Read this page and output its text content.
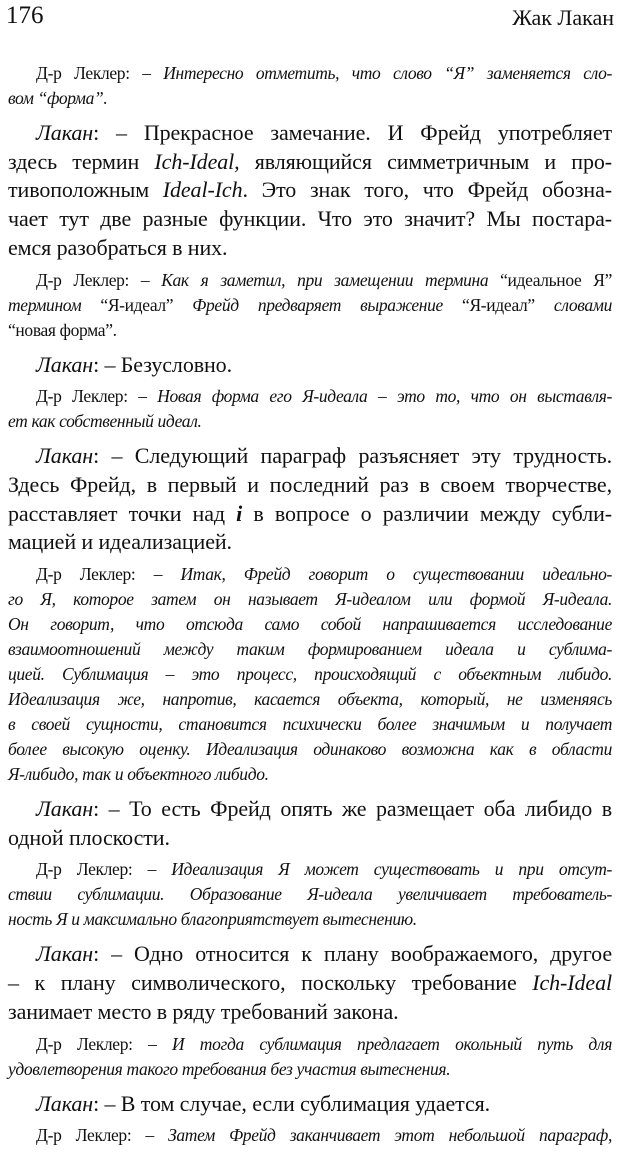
176	Жак Лакан
Д-р Леклер: – Интересно отметить, что слово “Я” заменяется сло-
вом “форма”.
Лакан: – Прекрасное замечание. И Фрейд употребляет
здесь термин Ich-Ideal, являющийся симметричным и про-
тивоположным Ideal-Ich. Это знак того, что Фрейд обозна-
чает тут две разные функции. Что это значит? Мы постара-
емся разобраться в них.
Д-р Леклер: – Как я заметил, при замещении термина “идеальное Я”
термином “Я-идеал” Фрейд предваряет выражение “Я-идеал” словами
“новая форма”.
Лакан: – Безусловно.
Д-р Леклер: – Новая форма его Я-идеала – это то, что он выставля-
ет как собственный идеал.
Лакан: – Следующий параграф разъясняет эту трудность.
Здесь Фрейд, в первый и последний раз в своем творчестве,
расставляет точки над i в вопросе о различии между субли-
мацией и идеализацией.
Д-р Леклер: – Итак, Фрейд говорит о существовании идеально-
го Я, которое затем он называет Я-идеалом или формой Я-идеала.
Он говорит, что отсюда само собой напрашивается исследование
взаимоотношений между таким формированием идеала и сублима-
цией. Сублимация – это процесс, происходящий с объектным либидо.
Идеализация же, напротив, касается объекта, который, не изменяясь
в своей сущности, становится психически более значимым и получает
более высокую оценку. Идеализация одинаково возможна как в области
Я-либидо, так и объектного либидо.
Лакан: – То есть Фрейд опять же размещает оба либидо в
одной плоскости.
Д-р Леклер: – Идеализация Я может существовать и при отсут-
ствии сублимации. Образование Я-идеала увеличивает требователь-
ность Я и максимально благоприятствует вытеснению.
Лакан: – Одно относится к плану воображаемого, другое
– к плану символического, поскольку требование Ich-Ideal
занимает место в ряду требований закона.
Д-р Леклер: – И тогда сублимация предлагает окольный путь для
удовлетворения такого требования без участия вытеснения.
Лакан: – В том случае, если сублимация удается.
Д-р Леклер: – Затем Фрейд заканчивает этот небольшой параграф,
